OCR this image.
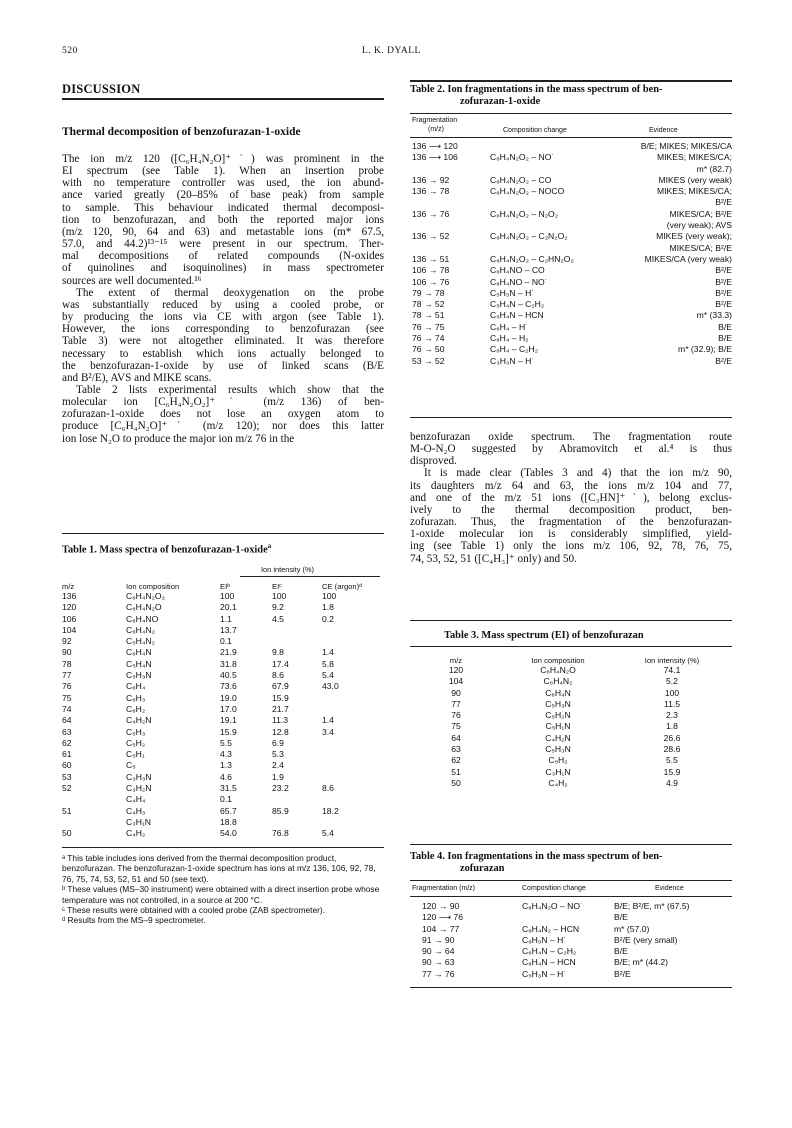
520	L. K. DYALL
DISCUSSION
Thermal decomposition of benzofurazan-1-oxide
The ion m/z 120 ([C₆H₄N₂O]⁺˙) was prominent in the
EI spectrum (see Table 1). When an insertion probe
with no temperature controller was used, the ion abund-
ance varied greatly (20–85% of base peak) from sample
to sample. This behaviour indicated thermal decomposi-
tion to benzofurazan, and both the reported major ions
(m/z 120, 90, 64 and 63) and metastable ions (m* 67.5,
57.0, and 44.2)¹³⁻¹⁵ were present in our spectrum. Ther-
mal decompositions of related compounds (N-oxides
of quinolines and isoquinolines) in mass spectrometer
sources are well documented.¹⁶
The extent of thermal deoxygenation on the probe
was substantially reduced by using a cooled probe, or
by producing the ions via CE with argon (see Table 1).
However, the ions corresponding to benzofurazan (see
Table 3) were not altogether eliminated. It was therefore
necessary to establish which ions actually belonged to
the benzofurazan-1-oxide by use of linked scans (B/E
and B²/E), AVS and MIKE scans.
Table 2 lists experimental results which show that the
molecular ion [C₆H₄N₂O₂]⁺˙ (m/z 136) of ben-
zofurazan-1-oxide does not lose an oxygen atom to
produce [C₆H₄N₂O]⁺˙ (m/z 120); nor does this latter
ion lose N₂O to produce the major ion m/z 76 in the
Table 1. Mass spectra of benzofurazan-1-oxide$^a$
Ion intensity (%)
m/z	Ion composition	EIᵇ	EIᶜ	CE (argon)ᵈ
136	C₆H₄N₂O₂	100	100	100
120	C₆H₄N₂O	20.1	9.2	1.8
106	C₆H₄NO	1.1	4.5	0.2
104	C₆H₄N₂	13.7		
92	C₅H₄N₂	0.1		
90	C₆H₄N	21.9	9.8	1.4
78	C₅H₄N	31.8	17.4	5.8
77	C₅H₃N	40.5	8.6	5.4
76	C₆H₄	73.6	67.9	43.0
75	C₆H₃	19.0	15.9	
74	C₆H₂	17.0	21.7	
64	C₄H₂N	19.1	11.3	1.4
63	C₅H₃	15.9	12.8	3.4
62	C₅H₂	5.5	6.9	
61	C₅H₁	4.3	5.3	
60	C₅	1.3	2.4	
53	C₃H₃N	4.6	1.9	
52	C₃H₂N	31.5	23.2	8.6
	C₄H₄	0.1		
51	C₄H₃	65.7	85.9	18.2
	C₃H₁N	18.8		
50	C₄H₂	54.0	76.8	5.4

ᵃ This table includes ions derived from the thermal decomposition product, benzofurazan. The benzofurazan-1-oxide spectrum has ions at m/z 136, 106, 92, 78, 76, 75, 74, 53, 52, 51 and 50 (see text).

ᵇ These values (MS–30 instrument) were obtained with a direct insertion probe whose temperature was not controlled, in a source at 200 °C.

ᶜ These results were obtained with a cooled probe (ZAB spectrometer).

ᵈ Results from the MS–9 spectrometer.

Table 2. Ion fragmentations in the mass spectrum of ben-
zofurazan-1-oxide
Fragmentation
(m/z)	Composition change	Evidence
136 ⟶ 120		B/E; MIKES; MIKES/CA
136 ⟶ 106	C₆H₄N₂O₂ – NO˙	MIKES; MIKES/CA;
		m* (82.7)
136 → 92	C₆H₄N₂O₂ – CO	MIKES (very weak)
136 → 78	C₆H₄N₂O₂ – NOCO	MIKES; MIKES/CA;
		B²/E
136 → 76	C₆H₄N₂O₂ – N₂O₂	MIKES/CA; B²/E
		(very weak); AVS
136 → 52	C₆H₄N₂O₂ – C₂N₂O₂	MIKES (very weak);
		MIKES/CA; B²/E
136 → 51	C₆H₄N₂O₂ – C₂HN₂O₂	MIKES/CA (very weak)
106 → 78	C₆H₄NO – CO	B²/E
106 → 76	C₆H₄NO – NO˙	B²/E
79 → 78	C₅H₅N – H˙	B²/E
78 → 52	C₅H₄N – C₂H₂	B²/E
78 → 51	C₅H₄N – HCN	m* (33.3)
76 → 75	C₆H₄ – H˙	B/E
76 → 74	C₆H₄ – H₂	B/E
76 → 50	C₆H₄ – C₂H₂	m* (32.9); B/E
53 → 52	C₃H₃N – H˙	B²/E
benzofurazan oxide spectrum. The fragmentation route
M-O-N₂O suggested by Abramovitch et al.⁴ is thus
disproved.
It is made clear (Tables 3 and 4) that the ion m/z 90,
its daughters m/z 64 and 63, the ions m/z 104 and 77,
and one of the m/z 51 ions ([C₃HN]⁺˙), belong exclus-
ively to the thermal decomposition product, ben-
zofurazan. Thus, the fragmentation of the benzofurazan-
1-oxide molecular ion is considerably simplified, yield-
ing (see Table 1) only the ions m/z 106, 92, 78, 76, 75,
74, 53, 52, 51 ([C₄H₃]⁺ only) and 50.
Table 3. Mass spectrum (EI) of benzofurazan
m/z	Ion composition	Ion intensity (%)
120	C₆H₄N₂O	74.1
104	C₆H₄N₂	5.2
90	C₆H₄N	100
77	C₅H₃N	11.5
76	C₅H₂N	2.3
75	C₅H₁N	1.8
64	C₄H₂N	26.6
63	C₅H₃N	28.6
62	C₅H₂	5.5
51	C₃H₁N	15.9
50	C₄H₂	4.9
Table 4. Ion fragmentations in the mass spectrum of ben-
zofurazan
Fragmentation (m/z)	Composition change	Evidence
120 → 90	C₆H₄N₂O – NO˙	B/E; B²/E, m* (67.5)
120 ⟶ 76		B/E
104 → 77	C₆H₄N₂ – HCN	m* (57.0)
91 → 90	C₆H₅N – H˙	B²/E (very small)
90 → 64	C₆H₄N – C₂H₂	B/E
90 → 63	C₆H₄N – HCN	B/E; m* (44.2)
77 → 76	C₅H₃N – H˙	B²/E
